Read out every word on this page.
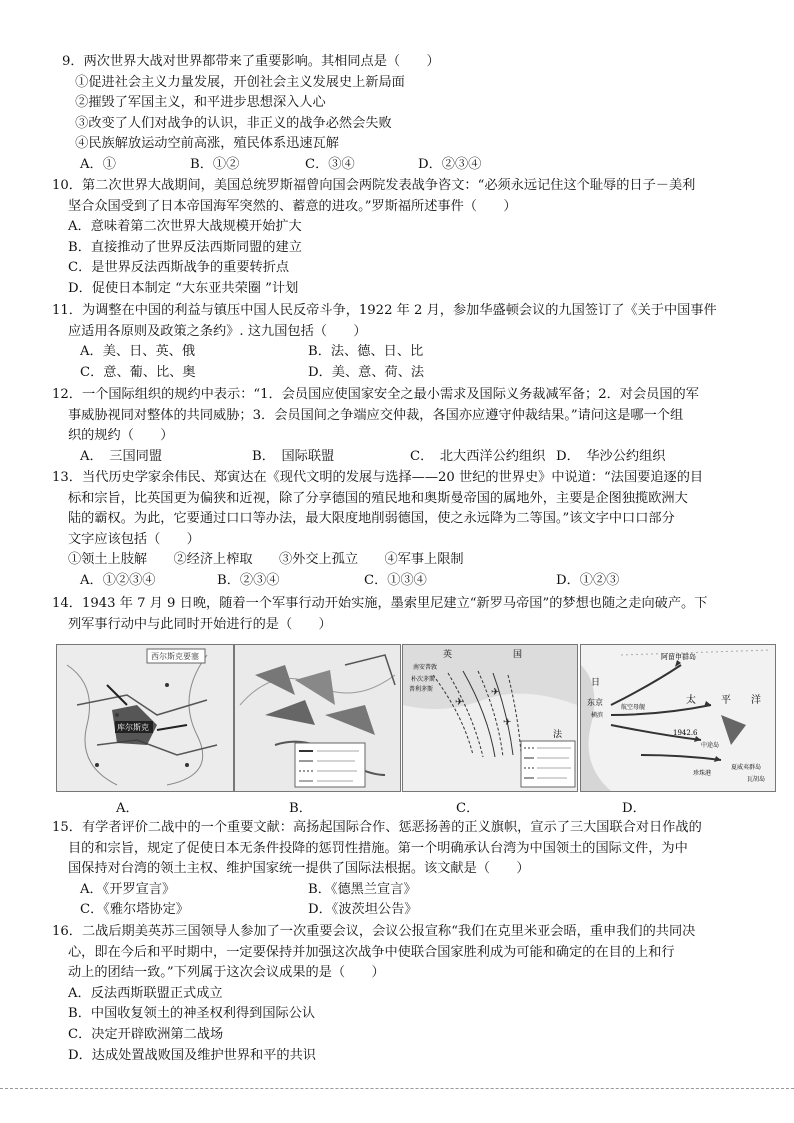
9．两次世界大战对世界都带来了重要影响。其相同点是（　　）
　①促进社会主义力量发展，开创社会主义发展史上新局面
　②摧毁了军国主义，和平进步思想深入人心
　③改变了人们对战争的认识，非正义的战争必然会失败
　④民族解放运动空前高涨，殖民体系迅速瓦解
A．①	B．①②	C．③④	D．②③④
10．第二次世界大战期间，美国总统罗斯福曾向国会两院发表战争咨文：“必须永远记住这个耻辱的日子－美利
坚合众国受到了日本帝国海军突然的、蓄意的进攻。”罗斯福所述事件（　　）
A．意味着第二次世界大战规模开始扩大
B．直接推动了世界反法西斯同盟的建立
C．是世界反法西斯战争的重要转折点
D．促使日本制定 “大东亚共荣圈 ”计划
11．为调整在中国的利益与镇压中国人民反帝斗争，1922 年 2 月，参加华盛顿会议的九国签订了《关于中国事件
应适用各原则及政策之条约》. 这九国包括（　　）
A．美、日、英、俄	B．法、德、日、比
C．意、葡、比、奥	D．美、意、荷、法
12．一个国际组织的规约中表示：“1．会员国应使国家安全之最小需求及国际义务裁减军备；2．对会员国的军
事威胁视同对整体的共同威胁；3．会员国间之争端应交仲裁，各国亦应遵守仲裁结果。”请问这是哪一个组
织的规约（　　）
A．　三国同盟	B．　国际联盟	C．　北大西洋公约组织 D．　华沙公约组织
13．当代历史学家余伟民、郑寅达在《现代文明的发展与选择——20 世纪的世界史》中说道：“法国要追逐的目
标和宗旨，比英国更为偏狭和近视，除了分享德国的殖民地和奥斯曼帝国的属地外，主要是企图独揽欧洲大
陆的霸权。为此，它要通过口口等办法，最大限度地削弱德国，使之永远降为二等国。”该文字中口口部分
文字应该包括（　　）
①领土上肢解　　②经济上榨取　　③外交上孤立　　④军事上限制
A．①②③④	B．②③④	C．①③④	D．①②③
14．1943 年 7 月 9 日晚，随着一个军事行动开始实施，墨索里尼建立“新罗马帝国”的梦想也随之走向破产。下
列军事行动中与此同时开始进行的是（　　）
西尔斯克要塞
库尔斯克
英	国
法
南安普敦
朴次茅斯
普利茅斯
✈
✈
✈
阿留申群岛
东京
日
横滨
航空母舰
太	平 洋
1942.6
中途岛
珍珠港
夏威夷群岛
瓦胡岛
A．	B．	C．	D．
15．有学者评价二战中的一个重要文献：高扬起国际合作、惩恶扬善的正义旗帜，宣示了三大国联合对日作战的
目的和宗旨，规定了促使日本无条件投降的惩罚性措施。第一个明确承认台湾为中国领土的国际文件，为中
国保持对台湾的领土主权、维护国家统一提供了国际法根据。该文献是（　　）
A．《开罗宣言》	B．《德黑兰宣言》
C．《雅尔塔协定》	D．《波茨坦公告》
16．二战后期美英苏三国领导人参加了一次重要会议，会议公报宣称“我们在克里米亚会晤，重申我们的共同决
心，即在今后和平时期中，一定要保持并加强这次战争中使联合国家胜利成为可能和确定的在目的上和行
动上的团结一致。”下列属于这次会议成果的是（　　）
A．反法西斯联盟正式成立
B．中国收复领土的神圣权利得到国际公认
C．决定开辟欧洲第二战场
D．达成处置战败国及维护世界和平的共识
